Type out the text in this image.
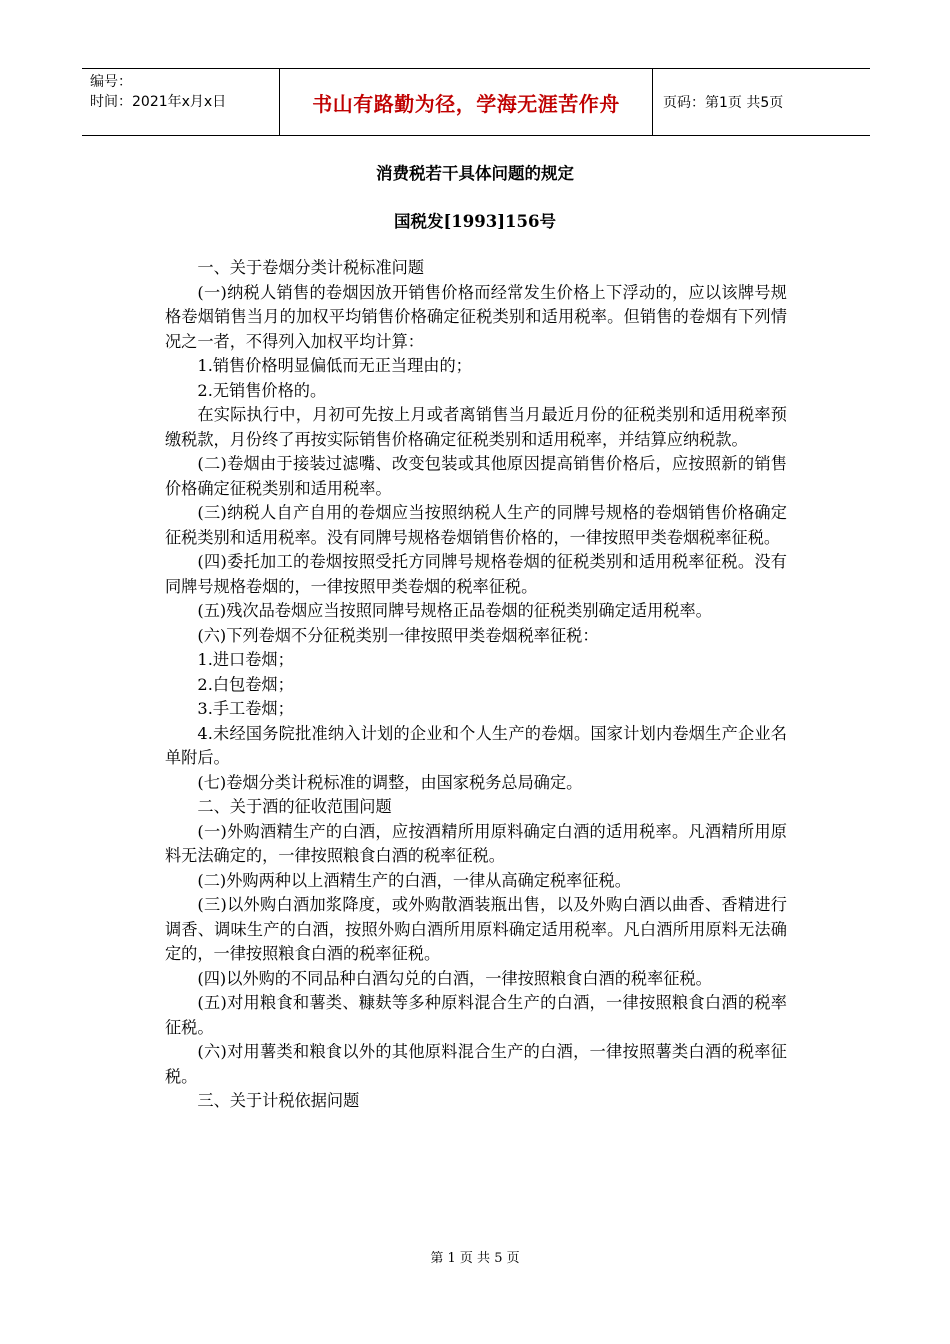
编号：
时间：2021年x月x日	书山有路勤为径，学海无涯苦作舟	页码：第1页 共5页
消费税若干具体问题的规定
国税发[1993]156号

一、关于卷烟分类计税标准问题

(一)纳税人销售的卷烟因放开销售价格而经常发生价格上下浮动的，应以该牌号规格卷烟销售当月的加权平均销售价格确定征税类别和适用税率。但销售的卷烟有下列情况之一者，不得列入加权平均计算：

1.销售价格明显偏低而无正当理由的；

2.无销售价格的。

在实际执行中，月初可先按上月或者离销售当月最近月份的征税类别和适用税率预缴税款，月份终了再按实际销售价格确定征税类别和适用税率，并结算应纳税款。

(二)卷烟由于接装过滤嘴、改变包装或其他原因提高销售价格后，应按照新的销售价格确定征税类别和适用税率。

(三)纳税人自产自用的卷烟应当按照纳税人生产的同牌号规格的卷烟销售价格确定征税类别和适用税率。没有同牌号规格卷烟销售价格的，一律按照甲类卷烟税率征税。

(四)委托加工的卷烟按照受托方同牌号规格卷烟的征税类别和适用税率征税。没有同牌号规格卷烟的，一律按照甲类卷烟的税率征税。

(五)残次品卷烟应当按照同牌号规格正品卷烟的征税类别确定适用税率。

(六)下列卷烟不分征税类别一律按照甲类卷烟税率征税：

1.进口卷烟；

2.白包卷烟；

3.手工卷烟；

4.未经国务院批准纳入计划的企业和个人生产的卷烟。国家计划内卷烟生产企业名单附后。

(七)卷烟分类计税标准的调整，由国家税务总局确定。

二、关于酒的征收范围问题

(一)外购酒精生产的白酒，应按酒精所用原料确定白酒的适用税率。凡酒精所用原料无法确定的，一律按照粮食白酒的税率征税。

(二)外购两种以上酒精生产的白酒，一律从高确定税率征税。

(三)以外购白酒加浆降度，或外购散酒装瓶出售，以及外购白酒以曲香、香精进行调香、调味生产的白酒，按照外购白酒所用原料确定适用税率。凡白酒所用原料无法确定的，一律按照粮食白酒的税率征税。

(四)以外购的不同品种白酒勾兑的白酒，一律按照粮食白酒的税率征税。

(五)对用粮食和薯类、糠麸等多种原料混合生产的白酒，一律按照粮食白酒的税率征税。

(六)对用薯类和粮食以外的其他原料混合生产的白酒，一律按照薯类白酒的税率征税。

三、关于计税依据问题

第 1 页 共 5 页
